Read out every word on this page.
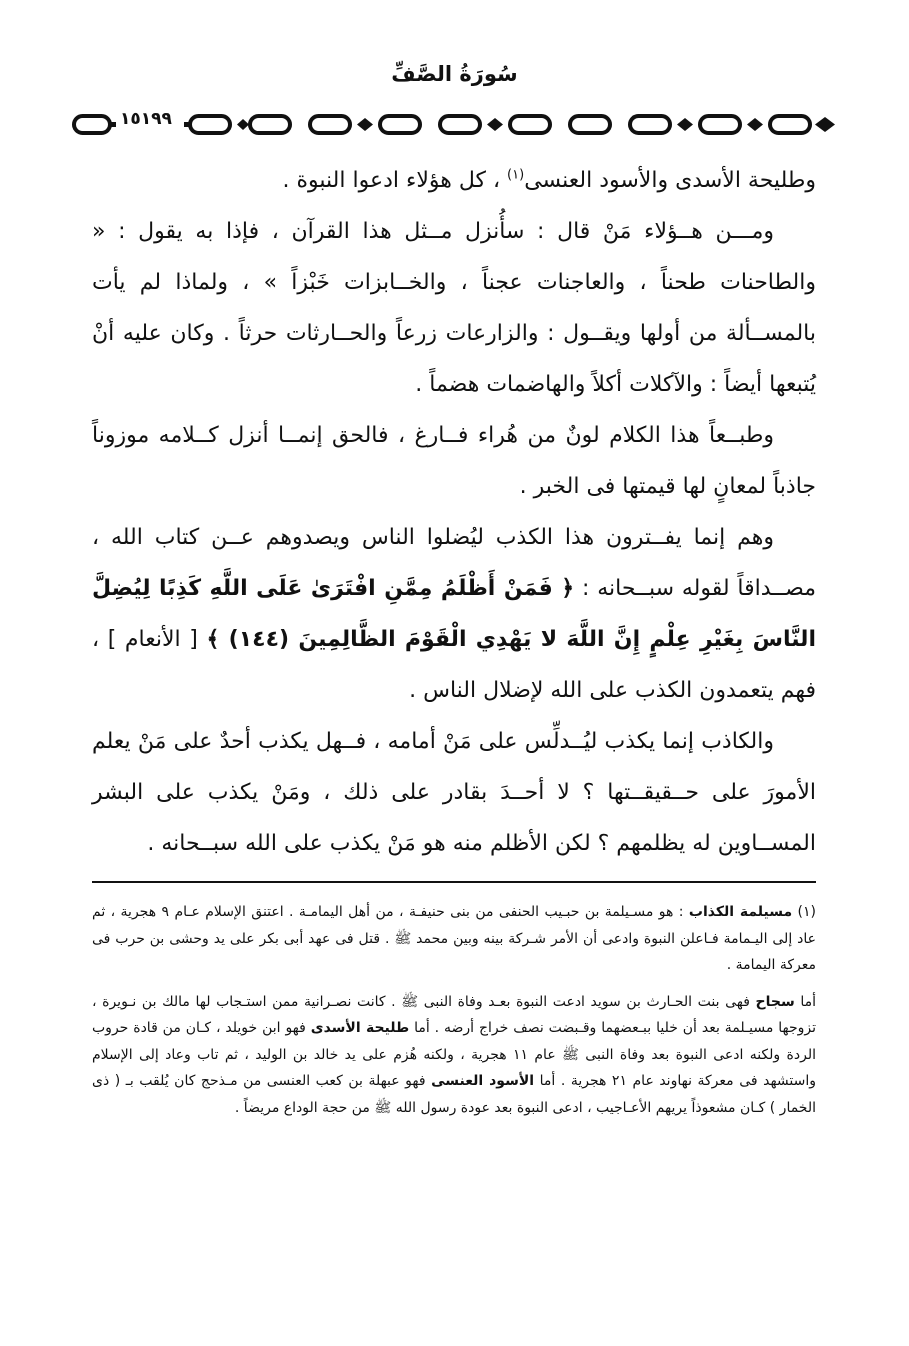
سُورَةُ الصَّفِّ
١٥١٩٩

وطليحة الأسدى والأسود العنسى$^{(١)}$ ، كل هؤلاء ادعوا النبوة .

ومـــن هــؤلاء مَنْ قال : سأُنزل مــثل هذا القرآن ، فإذا به يقول : « والطاحنات طحناً ، والعاجنات عجناً ، والخــابزات خَبْزاً » ، ولماذا لم يأت بالمســألة من أولها ويقــول : والزارعات زرعاً والحــارثات حرثاً . وكان عليه أنْ يُتبعها أيضاً : والآكلات أكلاً والهاضمات هضماً .

وطبــعاً هذا الكلام لونٌ من هُراء فــارغ ، فالحق إنمــا أنزل كــلامه موزوناً جاذباً لمعانٍ لها قيمتها فى الخبر .

وهم إنما يفــترون هذا الكذب ليُضلوا الناس ويصدوهم عــن كتاب الله ، مصــداقاً لقوله سبــحانه : ﴿ فَمَنْ أَظْلَمُ مِمَّنِ افْتَرَىٰ عَلَى اللَّهِ كَذِبًا لِيُضِلَّ النَّاسَ بِغَيْرِ عِلْمٍ إِنَّ اللَّهَ لا يَهْدِي الْقَوْمَ الظَّالِمِينَ (١٤٤) ﴾ [ الأنعام ] ، فهم يتعمدون الكذب على الله لإضلال الناس .

والكاذب إنما يكذب ليُــدلِّس على مَنْ أمامه ، فــهل يكذب أحدٌ على مَنْ يعلم الأمورَ على حــقيقــتها ؟ لا أحــدَ بقادر على ذلك ، ومَنْ يكذب على البشر المســاوين له يظلمهم ؟ لكن الأظلم منه هو مَنْ يكذب على الله سبــحانه .

(١) مسيلمة الكذاب : هو مسـيلمة بن حبـيب الحنفى من بنى حنيفـة ، من أهل اليمامـة . اعتنق الإسلام عـام ٩ هجرية ، ثم عاد إلى اليـمامة فـاعلن النبوة وادعى أن الأمر شـركة بينه وبين محمد ﷺ . قتل فى عهد أبى بكر على يد وحشى بن حرب فى معركة اليمامة .

أما سجاح فهى بنت الحـارث بن سويد ادعت النبوة بعـد وفاة النبى ﷺ . كانت نصـرانية ممن استـجاب لها مالك بن نـويرة ، تزوجها مسيـلمة بعد أن خليا ببـعضهما وقـبضت نصف خراج أرضه . أما طليحة الأسدى فهو ابن خويلد ، كـان من قادة حروب الردة ولكنه ادعى النبوة بعد وفاة النبى ﷺ عام ١١ هجرية ، ولكنه هُزم على يد خالد بن الوليد ، ثم تاب وعاد إلى الإسلام واستشهد فى معركة نهاوند عام ٢١ هجرية . أما الأسود العنسى فهو عبهلة بن كعب العنسى من مـذحج كان يُلقب بـ ( ذى الخمار ) كـان مشعوذاً يريهم الأعـاجيب ، ادعى النبوة بعد عودة رسول الله ﷺ من حجة الوداع مريضاً .
